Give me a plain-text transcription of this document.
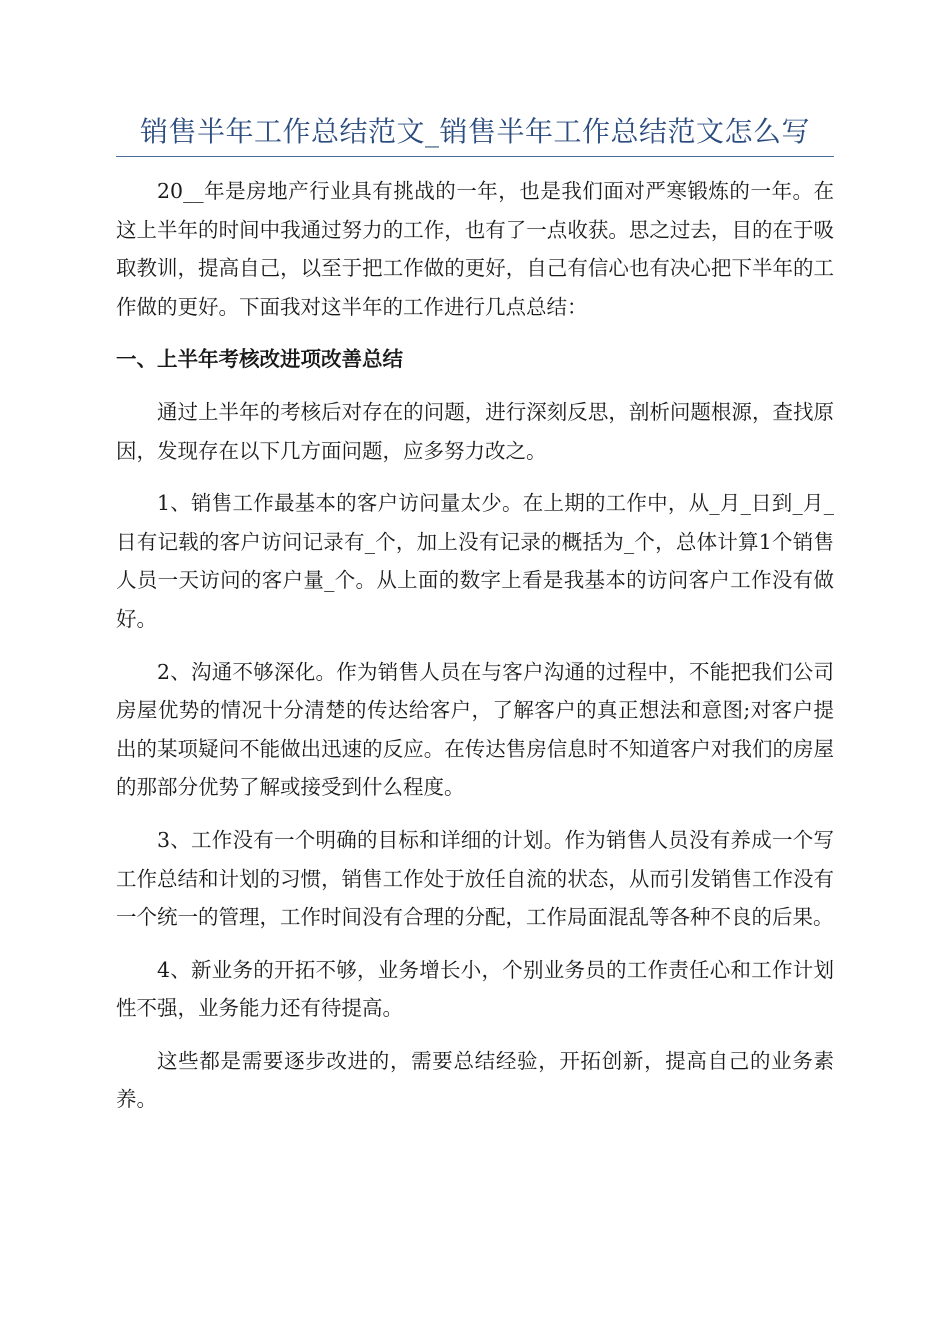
销售半年工作总结范文_销售半年工作总结范文怎么写

20__年是房地产行业具有挑战的一年，也是我们面对严寒锻炼的一年。在这上半年的时间中我通过努力的工作，也有了一点收获。思之过去，目的在于吸取教训，提高自己，以至于把工作做的更好，自己有信心也有决心把下半年的工作做的更好。下面我对这半年的工作进行几点总结：

一、上半年考核改进项改善总结

通过上半年的考核后对存在的问题，进行深刻反思，剖析问题根源，查找原因，发现存在以下几方面问题，应多努力改之。

1、销售工作最基本的客户访问量太少。在上期的工作中，从_月_日到_月_日有记载的客户访问记录有_个，加上没有记录的概括为_个，总体计算1个销售人员一天访问的客户量_个。从上面的数字上看是我基本的访问客户工作没有做好。

2、沟通不够深化。作为销售人员在与客户沟通的过程中，不能把我们公司房屋优势的情况十分清楚的传达给客户，了解客户的真正想法和意图;对客户提出的某项疑问不能做出迅速的反应。在传达售房信息时不知道客户对我们的房屋的那部分优势了解或接受到什么程度。

3、工作没有一个明确的目标和详细的计划。作为销售人员没有养成一个写工作总结和计划的习惯，销售工作处于放任自流的状态，从而引发销售工作没有一个统一的管理，工作时间没有合理的分配，工作局面混乱等各种不良的后果。

4、新业务的开拓不够，业务增长小，个别业务员的工作责任心和工作计划性不强，业务能力还有待提高。

这些都是需要逐步改进的，需要总结经验，开拓创新，提高自己的业务素养。
